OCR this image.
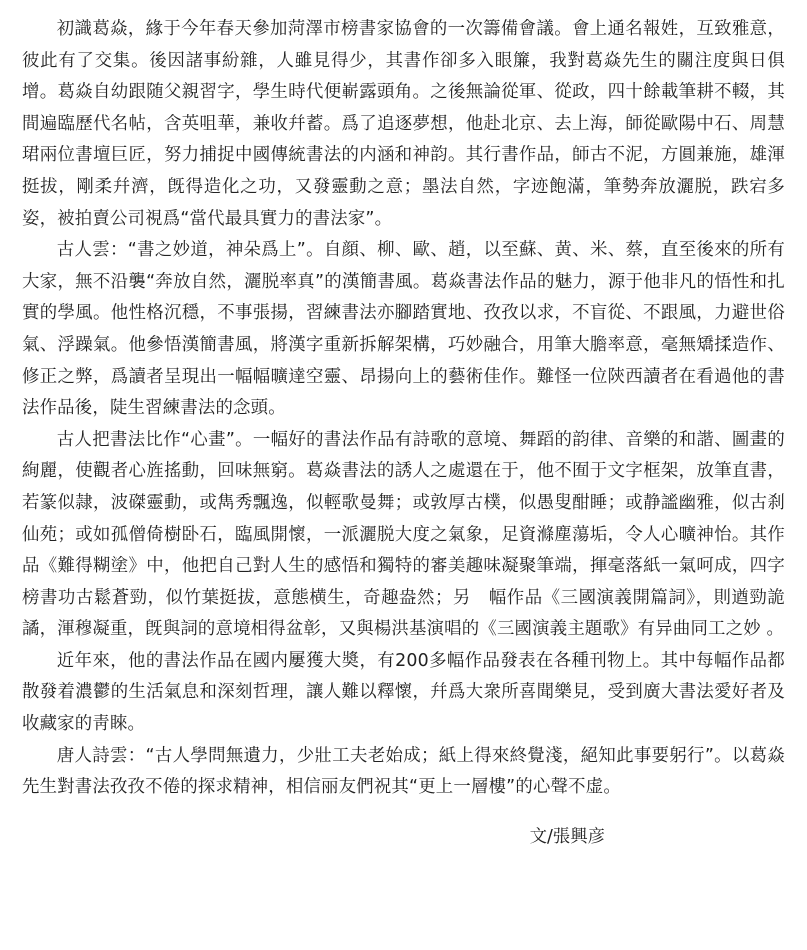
初識葛焱，緣于今年春天參加菏澤市榜書家協會的一次籌備會議。會上通名報姓，互致雅意，彼此有了交集。後因諸事紛雜，人雖見得少，其書作卻多入眼簾，我對葛焱先生的關注度與日俱增。葛焱自幼跟随父親習字，學生時代便嶄露頭角。之後無論從軍、從政，四十餘載筆耕不輟，其間遍臨歷代名帖，含英咀華，兼收幷蓄。爲了追逐夢想，他赴北京、去上海，師從歐陽中石、周慧珺兩位書壇巨匠，努力捕捉中國傳統書法的内涵和神韵。其行書作品，師古不泥，方圓兼施，雄渾挺拔，剛柔幷濟，旣得造化之功，又發靈動之意；墨法自然，字迹飽滿，筆勢奔放灑脱，跌宕多姿，被拍賣公司視爲“當代最具實力的書法家”。

古人雲：“書之妙道，神朵爲上”。自顔、柳、歐、趙，以至蘇、黄、米、蔡，直至後來的所有大家，無不沿襲“奔放自然，灑脱率真”的漢簡書風。葛焱書法作品的魅力，源于他非凡的悟性和扎實的學風。他性格沉穩，不事張揚，習練書法亦腳踏實地、孜孜以求，不盲從、不跟風，力避世俗氣、浮躁氣。他參悟漢簡書風，將漢字重新拆解架構，巧妙融合，用筆大膽率意，毫無矯揉造作、修正之弊，爲讀者呈現出一幅幅曠達空靈、昂揚向上的藝術佳作。難怪一位陝西讀者在看過他的書法作品後，陡生習練書法的念頭。

古人把書法比作“心畫”。一幅好的書法作品有詩歌的意境、舞蹈的韵律、音樂的和諧、圖畫的絢麗，使觀者心旌搖動，回味無窮。葛焱書法的誘人之處還在于，他不囿于文字框架，放筆直書，若篆似隷，波磔靈動，或雋秀飄逸，似輕歌曼舞；或敦厚古樸，似愚叟酣睡；或静謐幽雅，似古刹仙苑；或如孤僧倚樹卧石，臨風開懷，一派灑脱大度之氣象，足資滌塵蕩垢，令人心曠神怡。其作品《難得糊塗》中，他把自己對人生的感悟和獨特的審美趣味凝聚筆端，揮毫落紙一氣呵成，四字榜書功古鬆蒼勁，似竹葉挺拔，意態横生，奇趣盎然；另　幅作品《三國演義開篇詞》，則遒勁詭譎，渾穆凝重，旣與詞的意境相得盆彰，又與楊洪基演唱的《三國演義主題歌》有异曲同工之妙 。

近年來，他的書法作品在國内屢獲大奬，有200多幅作品發表在各種刊物上。其中每幅作品都散發着濃鬱的生活氣息和深刻哲理，讓人難以釋懷，幷爲大衆所喜聞樂見，受到廣大書法愛好者及收藏家的靑睞。

唐人詩雲：“古人學問無遺力，少壯工夫老始成；紙上得來終覺淺，絕知此事要躬行”。以葛焱先生對書法孜孜不倦的探求精神，相信丽友們祝其“更上一層樓”的心聲不虚。

文/張興彦
